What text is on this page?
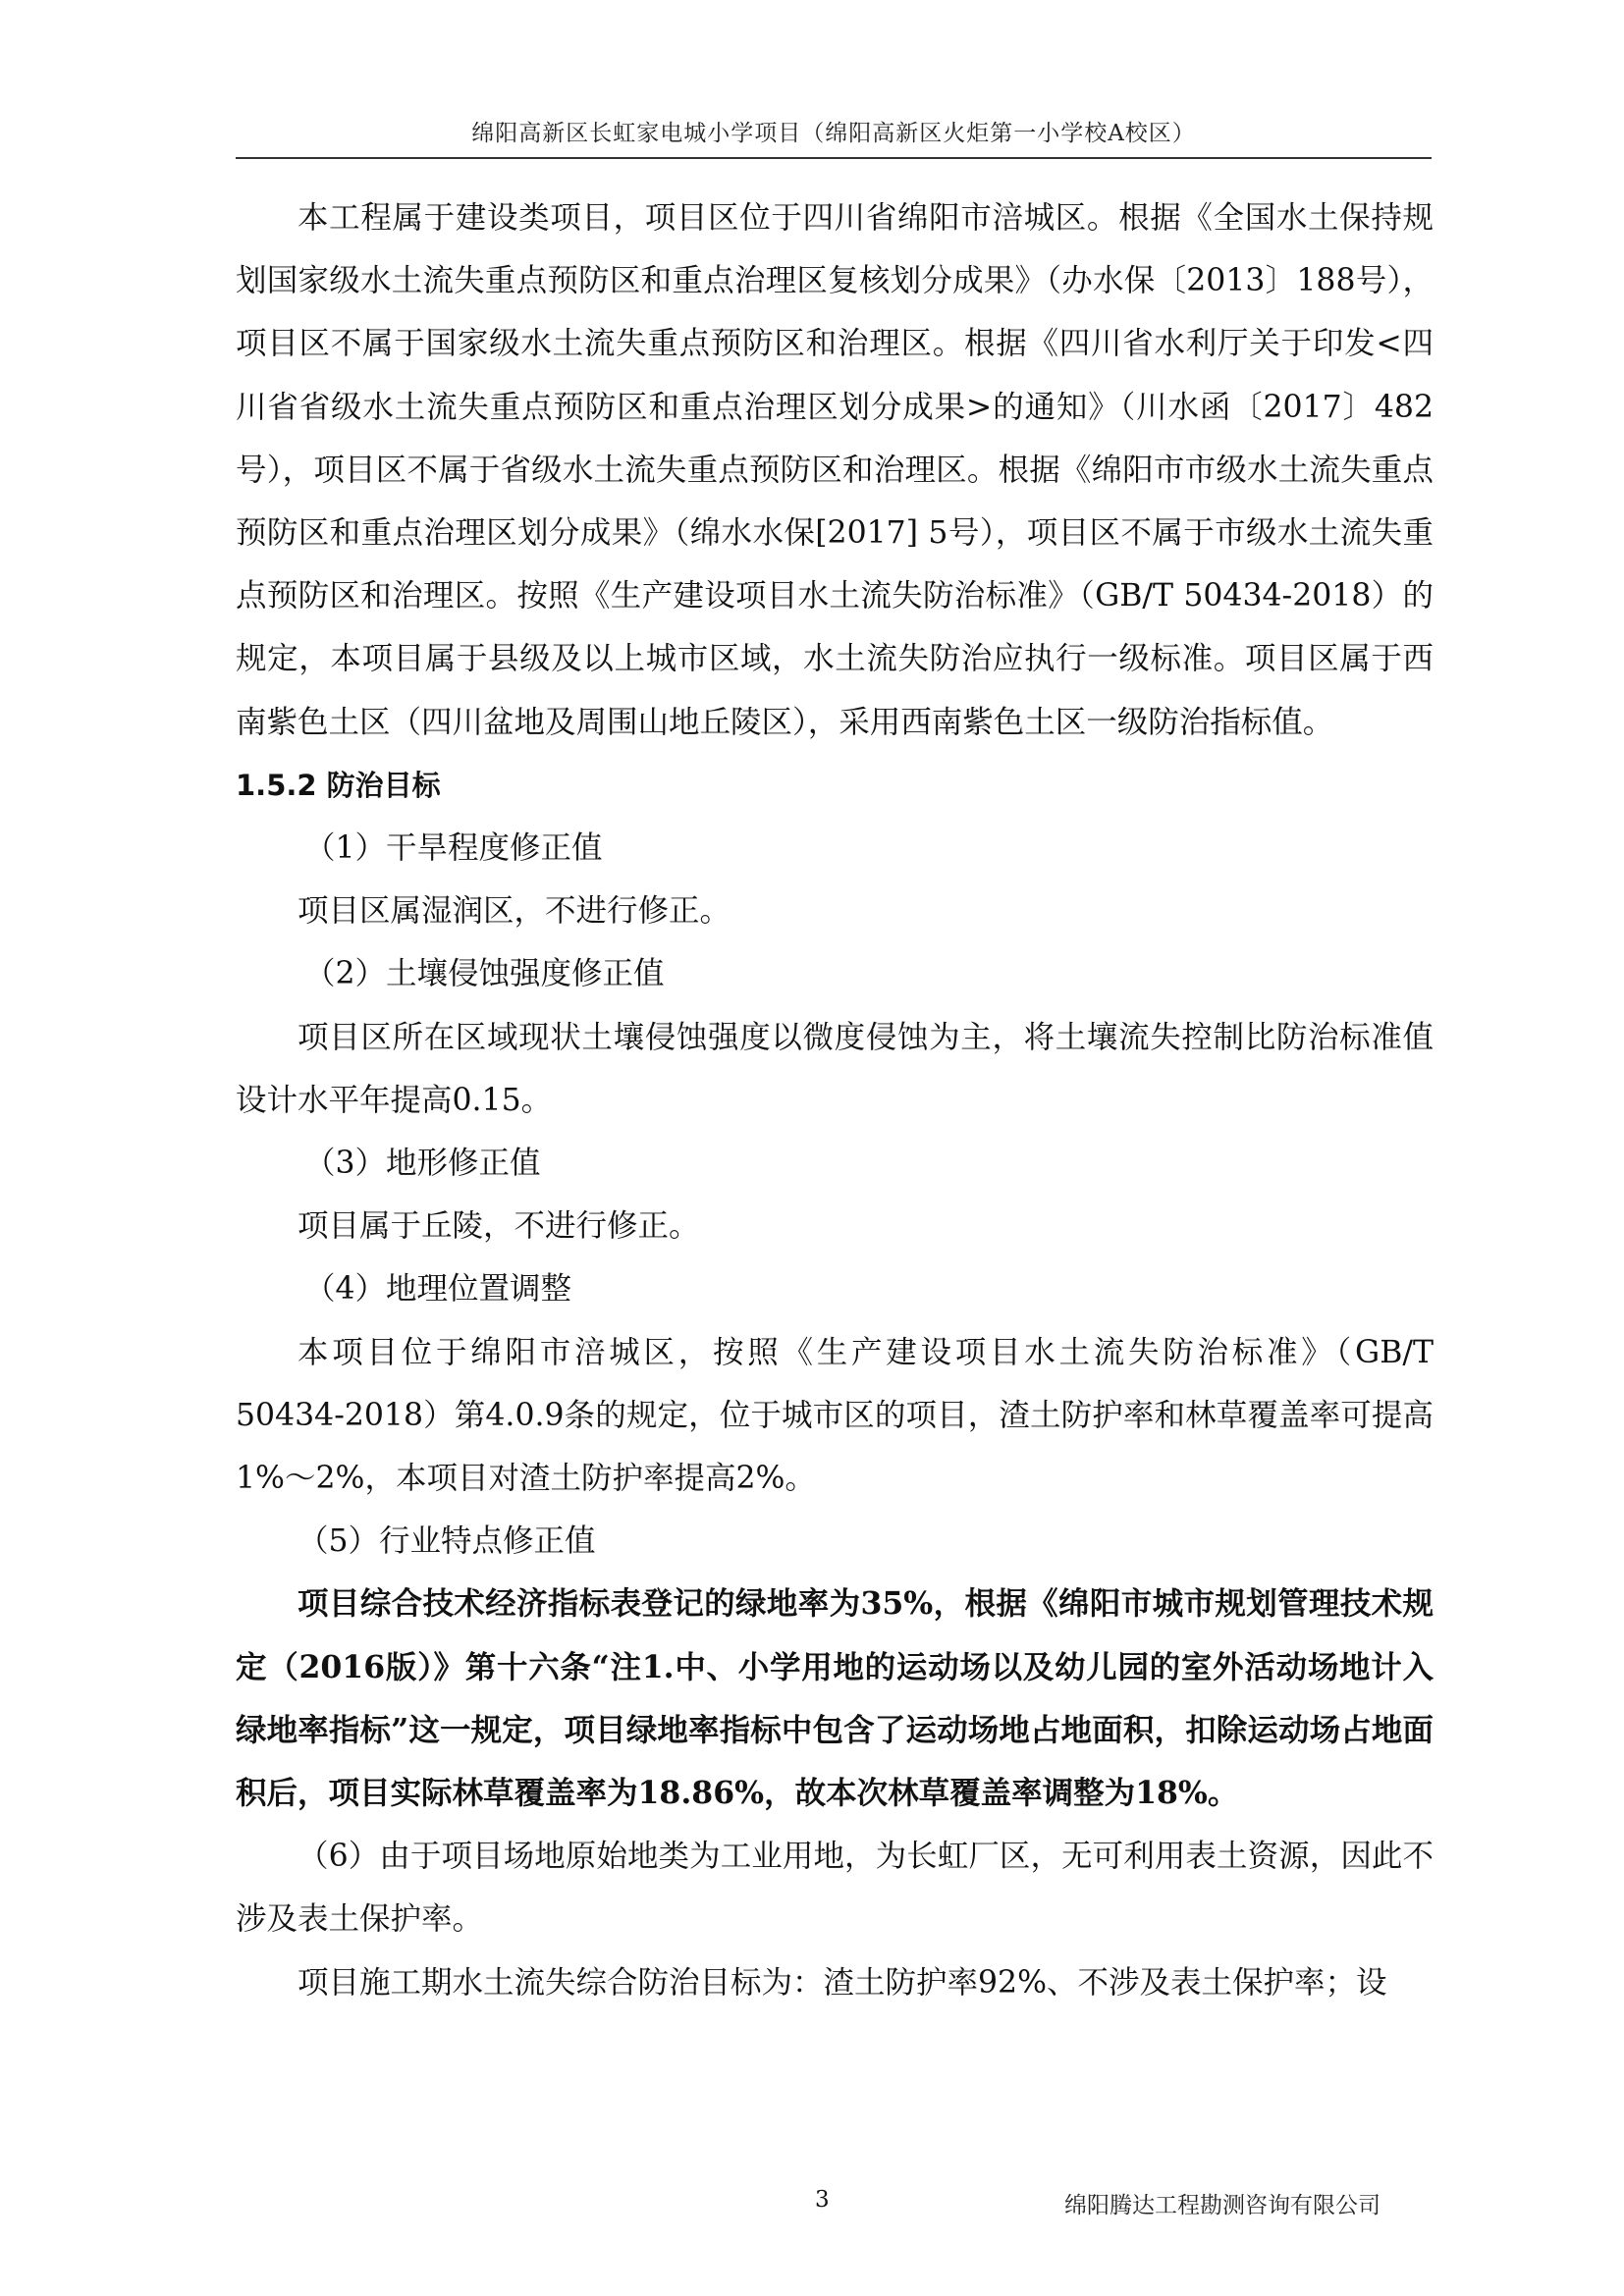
绵阳高新区长虹家电城小学项目（绵阳高新区火炬第一小学校A校区）

本工程属于建设类项目，项目区位于四川省绵阳市涪城区。根据《全国水土保持规划国家级水土流失重点预防区和重点治理区复核划分成果》（办水保〔2013〕188号），项目区不属于国家级水土流失重点预防区和治理区。根据《四川省水利厅关于印发<四川省省级水土流失重点预防区和重点治理区划分成果>的通知》（川水函〔2017〕482号），项目区不属于省级水土流失重点预防区和治理区。根据《绵阳市市级水土流失重点预防区和重点治理区划分成果》（绵水水保[2017] 5号），项目区不属于市级水土流失重点预防区和治理区。按照《生产建设项目水土流失防治标准》（GB/T 50434-2018）的规定，本项目属于县级及以上城市区域，水土流失防治应执行一级标准。项目区属于西南紫色土区（四川盆地及周围山地丘陵区），采用西南紫色土区一级防治指标值。

1.5.2 防治目标

（1）干旱程度修正值

项目区属湿润区，不进行修正。

（2）土壤侵蚀强度修正值

项目区所在区域现状土壤侵蚀强度以微度侵蚀为主，将土壤流失控制比防治标准值设计水平年提高0.15。

（3）地形修正值

项目属于丘陵，不进行修正。

（4）地理位置调整

本项目位于绵阳市涪城区，按照《生产建设项目水土流失防治标准》（GB/T 50434-2018）第4.0.9条的规定，位于城市区的项目，渣土防护率和林草覆盖率可提高1%～2%，本项目对渣土防护率提高2%。

（5）行业特点修正值

项目综合技术经济指标表登记的绿地率为35%，根据《绵阳市城市规划管理技术规定（2016版）》第十六条“注1.中、小学用地的运动场以及幼儿园的室外活动场地计入绿地率指标”这一规定，项目绿地率指标中包含了运动场地占地面积，扣除运动场占地面积后，项目实际林草覆盖率为18.86%，故本次林草覆盖率调整为18%。

（6）由于项目场地原始地类为工业用地，为长虹厂区，无可利用表土资源，因此不涉及表土保护率。

项目施工期水土流失综合防治目标为：渣土防护率92%、不涉及表土保护率；设

3	绵阳腾达工程勘测咨询有限公司
